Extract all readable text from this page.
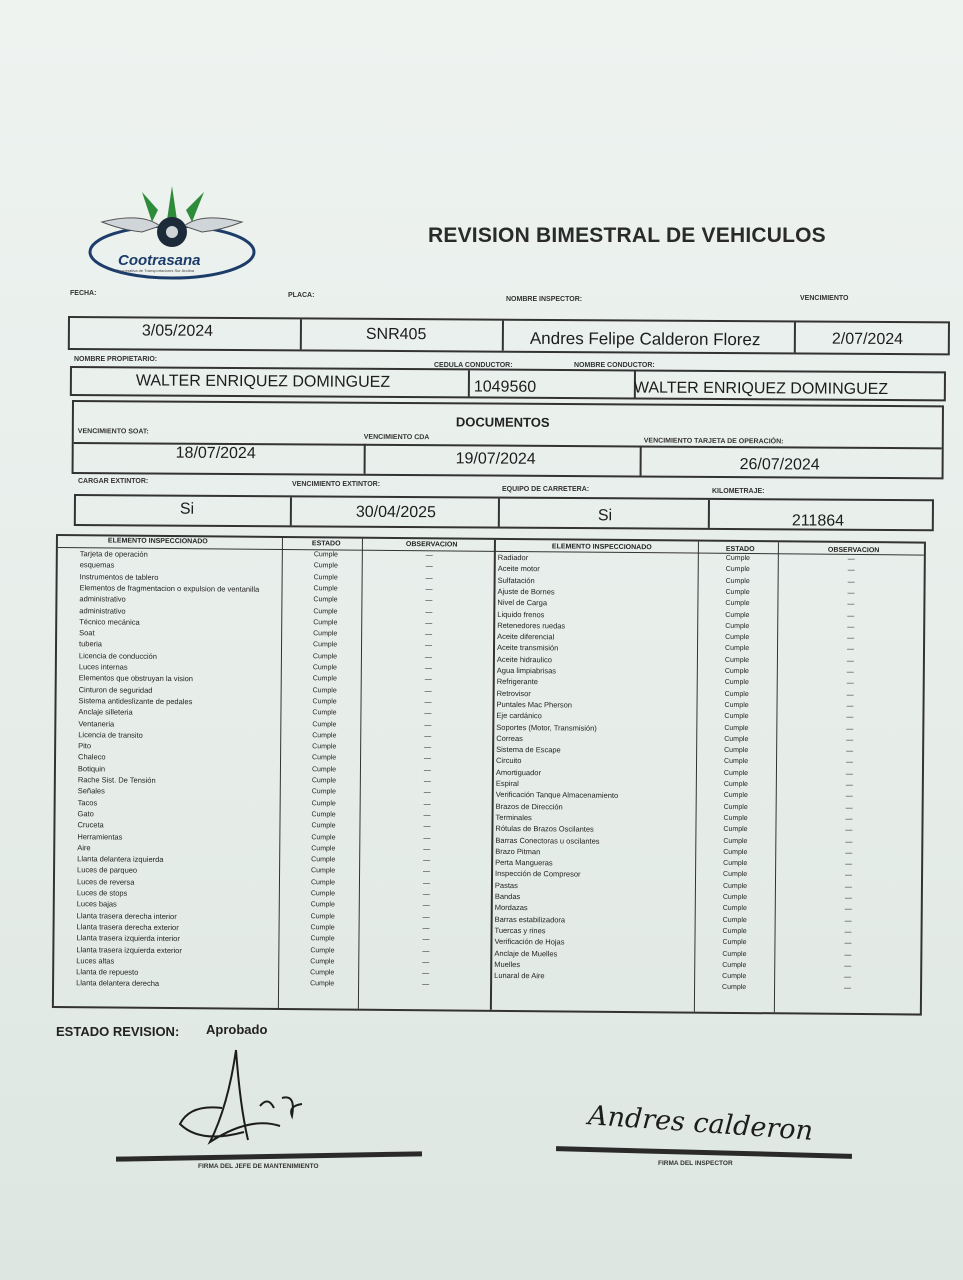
Cootrasana
Cooperativa de Transportadores Sur Andina
REVISION BIMESTRAL DE VEHICULOS
FECHA:	PLACA:
NOMBRE INSPECTOR:	VENCIMIENTO
3/05/2024	SNR405	Andres Felipe Calderon Florez	2/07/2024
NOMBRE PROPIETARIO:
CEDULA CONDUCTOR:	NOMBRE CONDUCTOR:
WALTER ENRIQUEZ DOMINGUEZ	1049560	WALTER ENRIQUEZ DOMINGUEZ
DOCUMENTOS
VENCIMIENTO SOAT:
VENCIMIENTO CDA
VENCIMIENTO TARJETA DE OPERACIÓN:
18/07/2024	19/07/2024	26/07/2024
CARGAR EXTINTOR:	VENCIMIENTO EXTINTOR:
EQUIPO DE CARRETERA:	KILOMETRAJE:
Si	30/04/2025	Si	211864
ELEMENTO INSPECCIONADO	ESTADO	OBSERVACION	ELEMENTO INSPECCIONADO	ESTADO	OBSERVACION
Tarjeta de operación	Cumple	—
esquemas	Cumple	—
Instrumentos de tablero	Cumple	—
Elementos de fragmentacion o expulsion de ventanilla	Cumple	—
administrativo	Cumple	—
administrativo	Cumple	—
Técnico mecánica	Cumple	—
Soat	Cumple	—
tuberia	Cumple	—
Licencia de conducción	Cumple	—
Luces internas	Cumple	—
Elementos que obstruyan la vision	Cumple	—
Cinturon de seguridad	Cumple	—
Sistema antideslizante de pedales	Cumple	—
Anclaje silleteria	Cumple	—
Ventaneria	Cumple	—
Licencia de transito	Cumple	—
Pito	Cumple	—
Chaleco	Cumple	—
Botiquin	Cumple	—
Rache Sist. De Tensión	Cumple	—
Señales	Cumple	—
Tacos	Cumple	—
Gato	Cumple	—
Cruceta	Cumple	—
Herramientas	Cumple	—
Aire	Cumple	—
Llanta delantera izquierda	Cumple	—
Luces de parqueo	Cumple	—
Luces de reversa	Cumple	—
Luces de stops	Cumple	—
Luces bajas	Cumple	—
Llanta trasera derecha interior	Cumple	—
Llanta trasera derecha exterior	Cumple	—
Llanta trasera izquierda interior	Cumple	—
Llanta trasera izquierda exterior	Cumple	—
Luces altas	Cumple	—
Llanta de repuesto	Cumple	—
Llanta delantera derecha	Cumple	—
Radiador	Cumple	—
Aceite motor	Cumple	—
Sulfatación	Cumple	—
Ajuste de Bornes	Cumple	—
Nivel de Carga	Cumple	—
Liquido frenos	Cumple	—
Retenedores ruedas	Cumple	—
Aceite diferencial	Cumple	—
Aceite transmisión	Cumple	—
Aceite hidraulico	Cumple	—
Agua limpiabrisas	Cumple	—
Refrigerante	Cumple	—
Retrovisor	Cumple	—
Puntales Mac Pherson	Cumple	—
Eje cardánico	Cumple	—
Soportes (Motor, Transmisión)	Cumple	—
Correas	Cumple	—
Sistema de Escape	Cumple	—
Circuito	Cumple	—
Amortiguador	Cumple	—
Espiral	Cumple	—
Verificación Tanque Almacenamiento	Cumple	—
Brazos de Dirección	Cumple	—
Terminales	Cumple	—
Rótulas de Brazos Oscilantes	Cumple	—
Barras Conectoras u oscilantes	Cumple	—
Brazo Pitman	Cumple	—
Perta Mangueras	Cumple	—
Inspección de Compresor	Cumple	—
Pastas	Cumple	—
Bandas	Cumple	—
Mordazas	Cumple	—
Barras estabilizadora	Cumple	—
Tuercas y rines	Cumple	—
Verificación de Hojas	Cumple	—
Anclaje de Muelles	Cumple	—
Muelles	Cumple	—
Lunaral de Aire	Cumple	—
Cumple	—
ESTADO REVISION: Aprobado
FIRMA DEL JEFE DE MANTENIMIENTO
Andres calderon
FIRMA DEL INSPECTOR
